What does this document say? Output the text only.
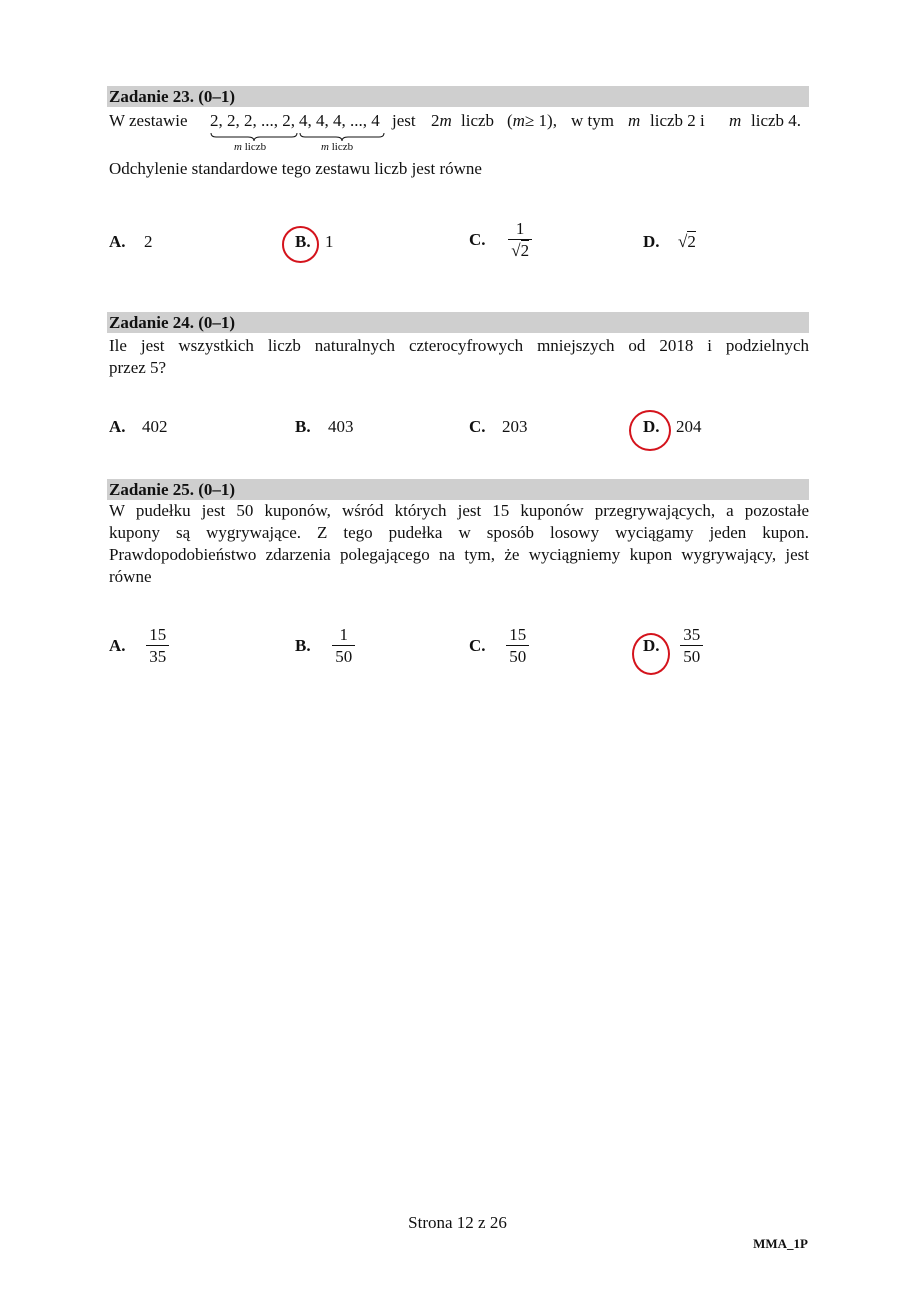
Zadanie 23. (0–1)
W zestawie 2, 2, 2, ..., 2, 4, 4, 4, ..., 4 jest 2m liczb (m≥ 1), w tym m liczb 2 i m liczb 4.
m liczb	m liczb
Odchylenie standardowe tego zestawu liczb jest równe
A. 2	B. 1	C. $\frac{1}{√2}$	D. √2
Zadanie 24. (0–1)
Ile jest wszystkich liczb naturalnych czterocyfrowych mniejszych od 2018 i podzielnych
przez 5?
A. 402	B. 403	C. 203	D. 204
Zadanie 25. (0–1)
W pudełku jest 50 kuponów, wśród których jest 15 kuponów przegrywających, a pozostałe
kupony są wygrywające. Z tego pudełka w sposób losowy wyciągamy jeden kupon.
Prawdopodobieństwo zdarzenia polegającego na tym, że wyciągniemy kupon wygrywający, jest
równe
A. $\frac{15}{35}$	B. $\frac{1}{50}$	C. $\frac{15}{50}$	D. $\frac{35}{50}$
Strona 12 z 26
MMA_1P
